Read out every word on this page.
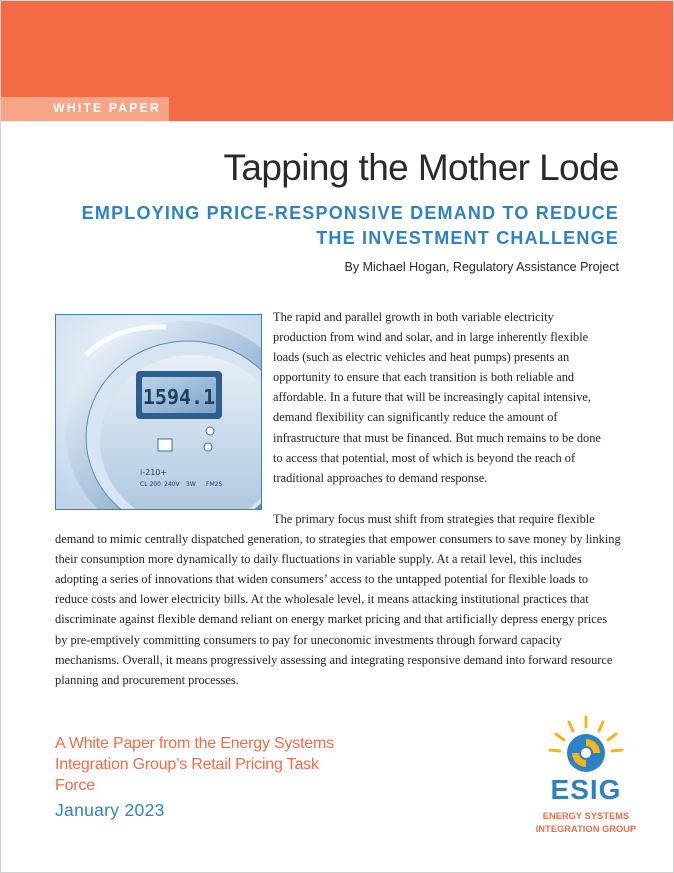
WHITE PAPER
Tapping the Mother Lode
EMPLOYING PRICE-RESPONSIVE DEMAND TO REDUCE THE INVESTMENT CHALLENGE
By Michael Hogan, Regulatory Assistance Project
1594.1
i-210+
CL 200 240V 3W FM2S

The rapid and parallel growth in both variable electricity production from wind and solar, and in large inherently flexible loads (such as electric vehicles and heat pumps) presents an opportunity to ensure that each transition is both reliable and affordable. In a future that will be increasingly capital intensive, demand flexibility can significantly reduce the amount of infrastructure that must be financed. But much remains to be done to access that potential, most of which is beyond the reach of traditional approaches to demand response.

The primary focus must shift from strategies that require flexible demand to mimic centrally dispatched generation, to strategies that empower consumers to save money by linking their consumption more dynamically to daily fluctuations in variable supply. At a retail level, this includes adopting a series of innovations that widen consumers’ access to the untapped potential for flexible loads to reduce costs and lower electricity bills. At the wholesale level, it means attacking institutional practices that discriminate against flexible demand reliant on energy market pricing and that artificially depress energy prices by pre-emptively committing consumers to pay for uneconomic investments through forward capacity mechanisms. Overall, it means progressively assessing and integrating responsive demand into forward resource planning and procurement processes.

A White Paper from the Energy Systems Integration Group’s Retail Pricing Task Force
January 2023
ESIG
ENERGY SYSTEMS
INTEGRATION GROUP
